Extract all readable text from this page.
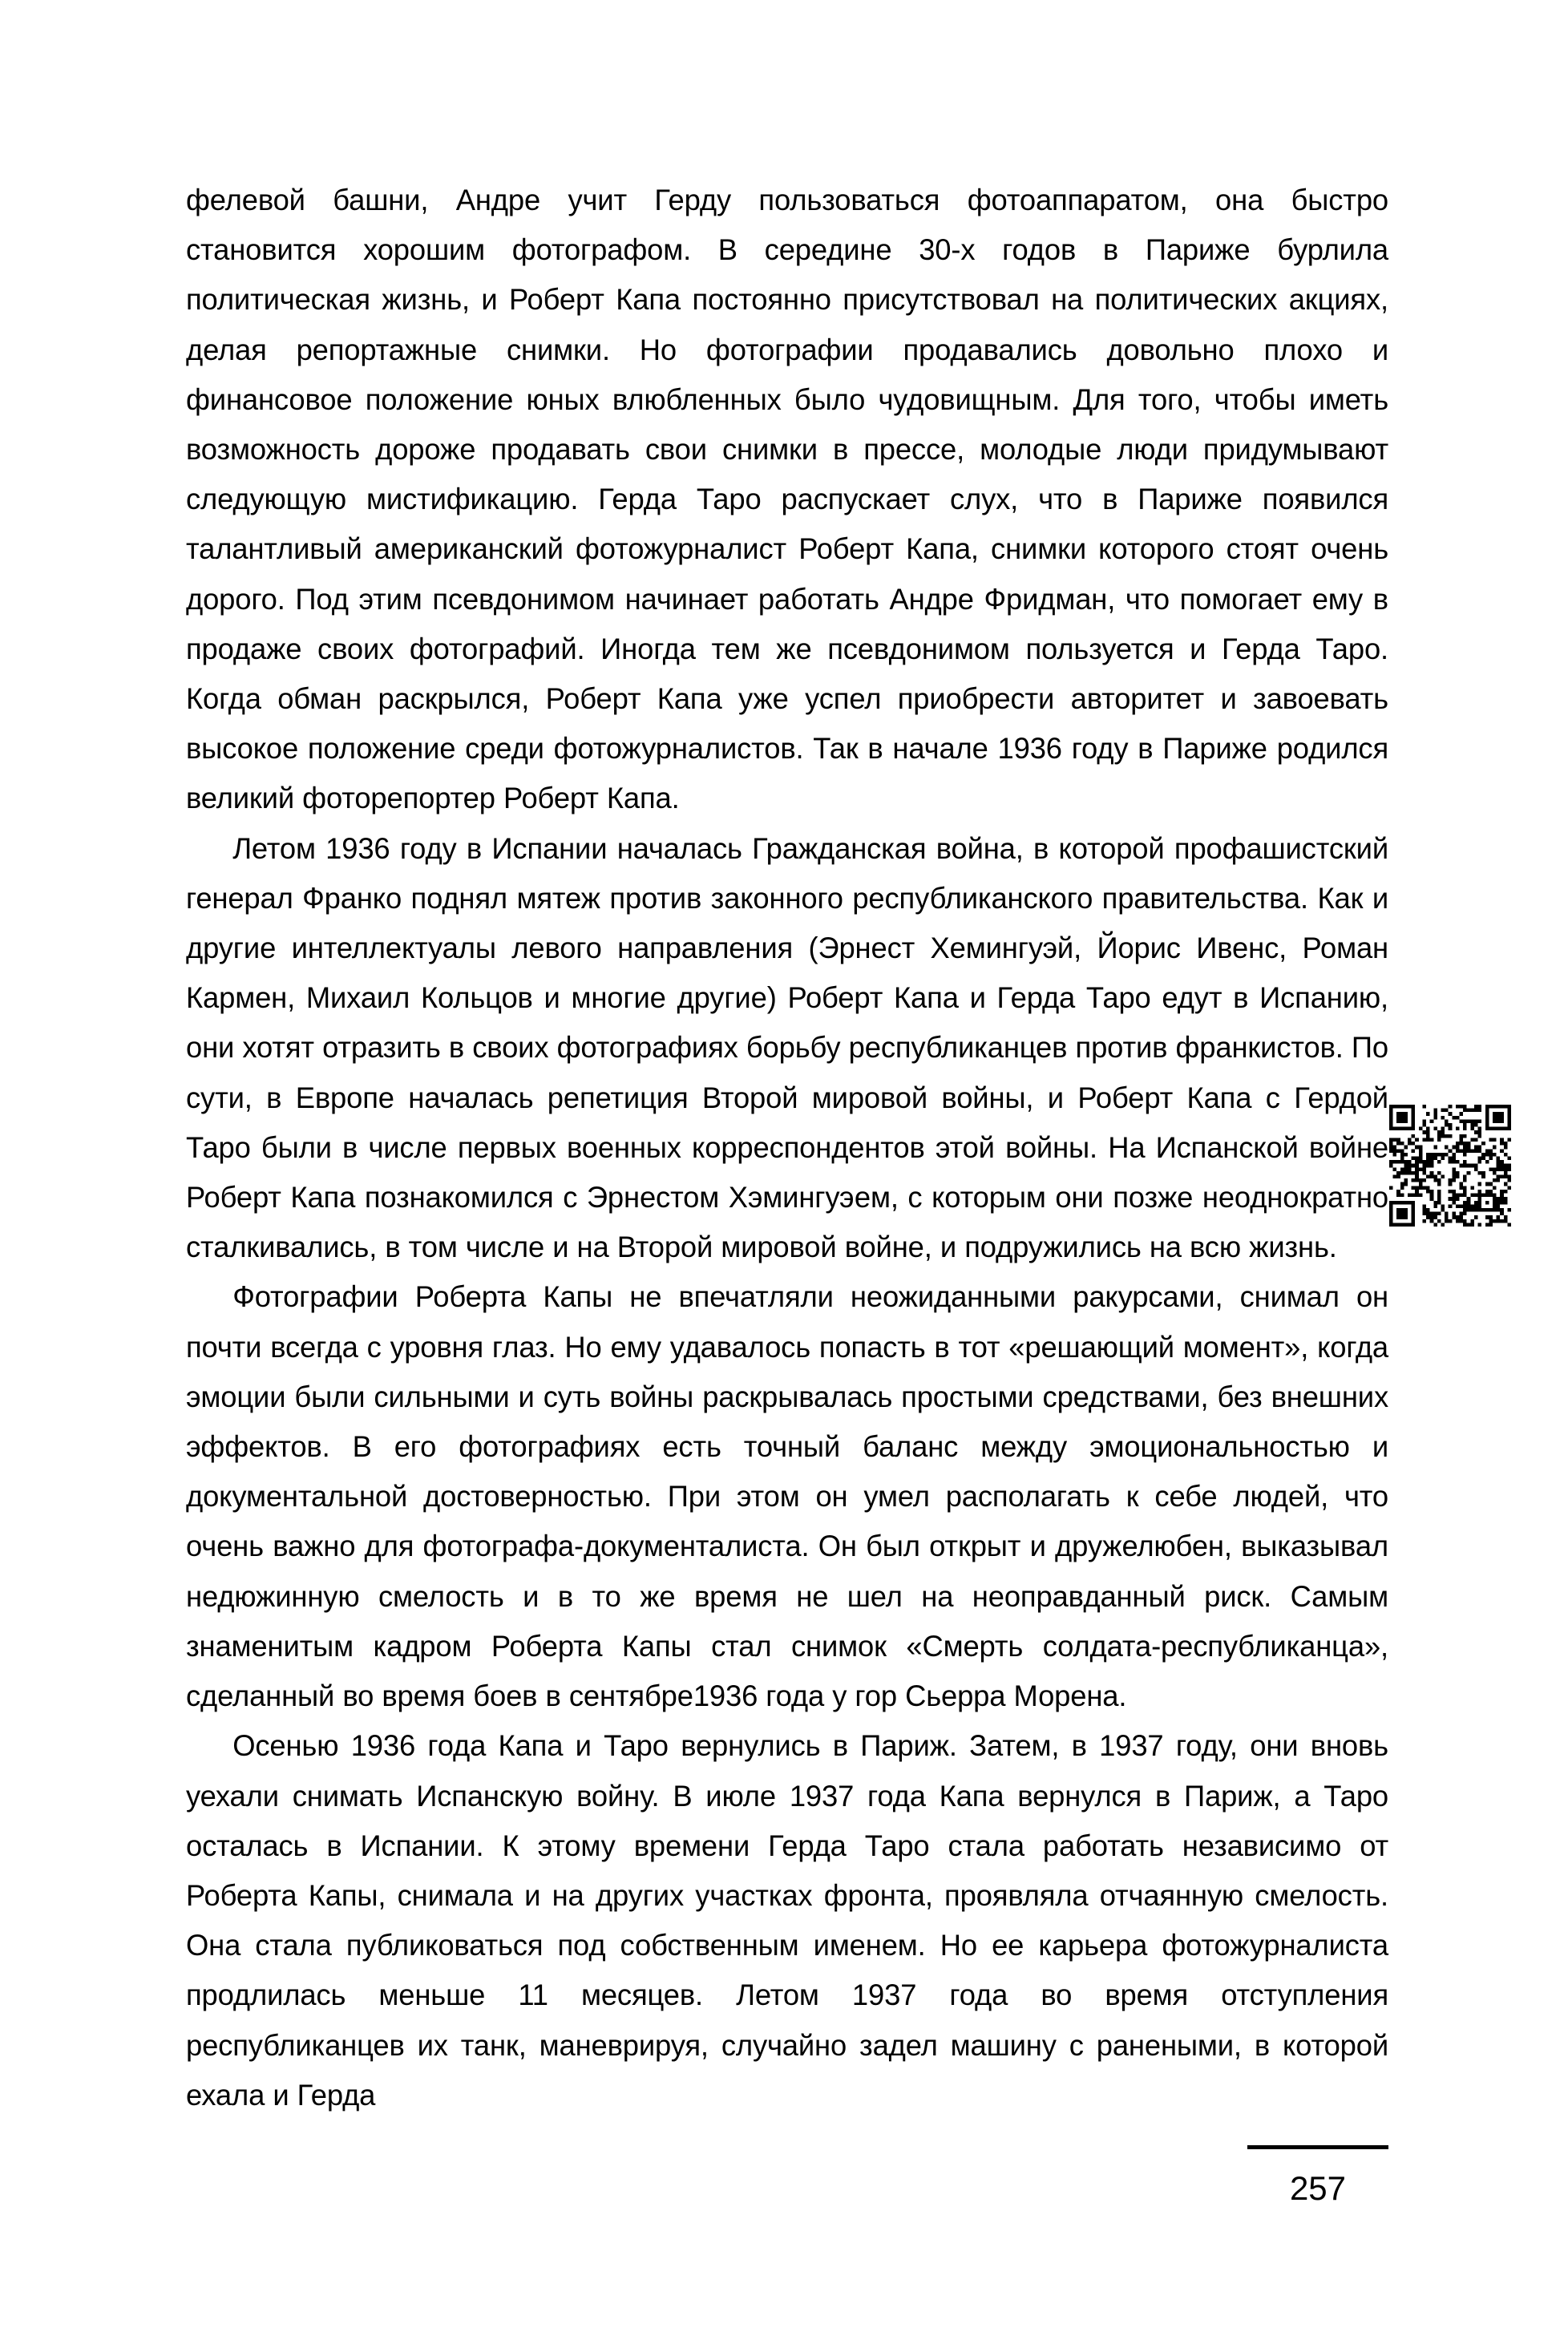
фелевой башни, Андре учит Герду пользоваться фотоаппаратом, она быстро становится хорошим фотографом. В середине 30-х годов в Париже бурлила политическая жизнь, и Роберт Капа постоянно присутствовал на политических акциях, делая репортажные снимки. Но фотографии продавались довольно плохо и финансовое положение юных влюбленных было чудовищным. Для того, чтобы иметь возможность дороже продавать свои снимки в прессе, молодые люди придумывают следующую мистификацию. Герда Таро распускает слух, что в Париже появился талантливый американский фотожурналист Роберт Капа, снимки которого стоят очень дорого. Под этим псевдонимом начинает работать Андре Фридман, что помогает ему в продаже своих фотографий. Иногда тем же псевдонимом пользуется и Герда Таро. Когда обман раскрылся, Роберт Капа уже успел приобрести авторитет и завоевать высокое положение среди фотожурналистов. Так в начале 1936 году в Париже родился великий фоторепортер Роберт Капа.

Летом 1936 году в Испании началась Гражданская война, в которой профашистский генерал Франко поднял мятеж против законного республиканского правительства. Как и другие интеллектуалы левого направления (Эрнест Хемингуэй, Йорис Ивенс, Роман Кармен, Михаил Кольцов и многие другие) Роберт Капа и Герда Таро едут в Испанию, они хотят отразить в своих фотографиях борьбу республиканцев против франкистов. По сути, в Европе началась репетиция Второй мировой войны, и Роберт Капа с Гердой Таро были в числе первых военных корреспондентов этой войны. На Испанской войне Роберт Капа познакомился с Эрнестом Хэмингуэем, с которым они позже неоднократно сталкивались, в том числе и на Второй мировой войне, и подружились на всю жизнь.

Фотографии Роберта Капы не впечатляли неожиданными ракурсами, снимал он почти всегда с уровня глаз. Но ему удавалось попасть в тот «решающий момент», когда эмоции были сильными и суть войны раскрывалась простыми средствами, без внешних эффектов. В его фотографиях есть точный баланс между эмоциональностью и документальной достоверностью. При этом он умел располагать к себе людей, что очень важно для фотографа-документалиста. Он был открыт и дружелюбен, выказывал недюжинную смелость и в то же время не шел на неоправданный риск. Самым знаменитым кадром Роберта Капы стал снимок «Смерть солдата-республиканца», сделанный во время боев в сентябре1936 года у гор Сьерра Морена.

Осенью 1936 года Капа и Таро вернулись в Париж. Затем, в 1937 году, они вновь уехали снимать Испанскую войну. В июле 1937 года Капа вернулся в Париж, а Таро осталась в Испании. К этому времени Герда Таро стала работать независимо от Роберта Капы, снимала и на других участках фронта, проявляла отчаянную смелость. Она стала публиковаться под собственным именем. Но ее карьера фотожурналиста продлилась меньше 11 месяцев. Летом 1937 года во время отступления республиканцев их танк, маневрируя, случайно задел машину с ранеными, в которой ехала и Герда

257
